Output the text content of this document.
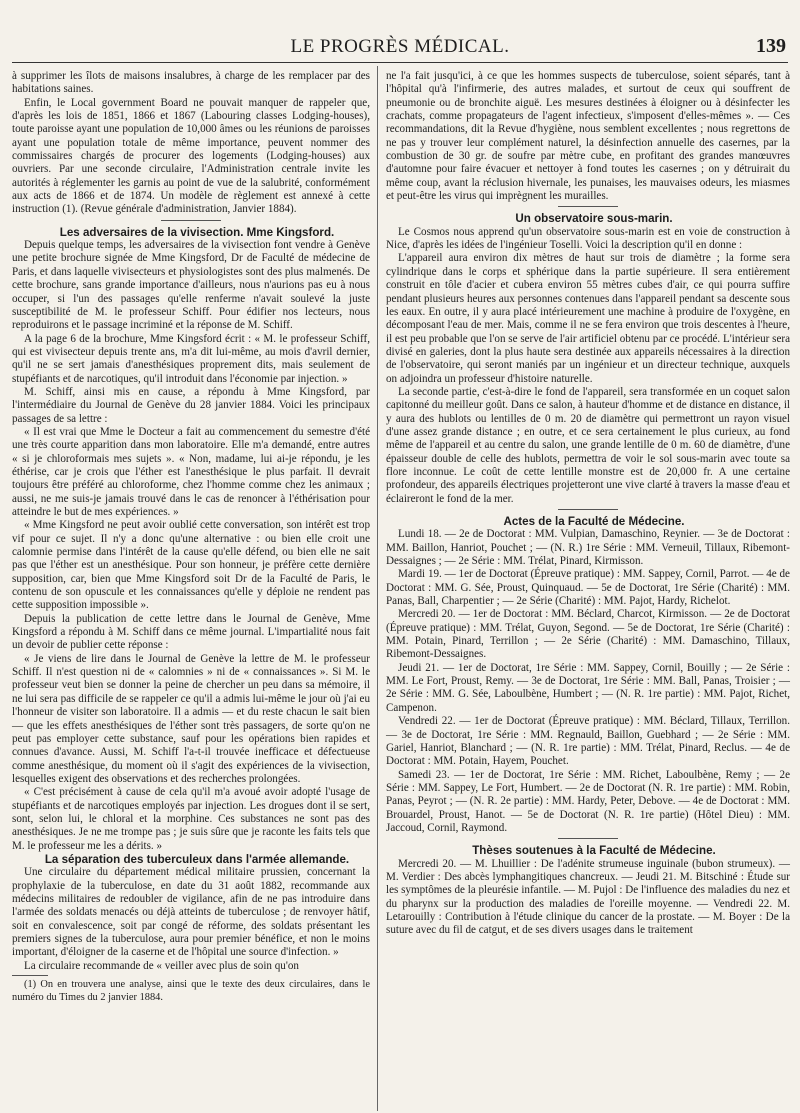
LE PROGRÈS MÉDICAL.	139

à supprimer les îlots de maisons insalubres, à charge de les remplacer par des habitations saines.

Enfin, le Local government Board ne pouvait manquer de rappeler que, d'après les lois de 1851, 1866 et 1867 (Labouring classes Lodging-houses), toute paroisse ayant une population de 10,000 âmes ou les réunions de paroisses ayant une population totale de même importance, peuvent nommer des commissaires chargés de procurer des logements (Lodging-houses) aux ouvriers. Par une seconde circulaire, l'Administration centrale invite les autorités à réglementer les garnis au point de vue de la salubrité, conformément aux acts de 1866 et de 1874. Un modèle de règlement est annexé à cette instruction (1). (Revue générale d'administration, Janvier 1884).

Les adversaires de la vivisection. Mme Kingsford.

Depuis quelque temps, les adversaires de la vivisection font vendre à Genève une petite brochure signée de Mme Kingsford, Dr de Faculté de médecine de Paris, et dans laquelle vivisecteurs et physiologistes sont des plus malmenés. De cette brochure, sans grande importance d'ailleurs, nous n'aurions pas eu à nous occuper, si l'un des passages qu'elle renferme n'avait soulevé la juste susceptibilité de M. le professeur Schiff. Pour édifier nos lecteurs, nous reproduirons et le passage incriminé et la réponse de M. Schiff.

A la page 6 de la brochure, Mme Kingsford écrit : « M. le professeur Schiff, qui est vivisecteur depuis trente ans, m'a dit lui-même, au mois d'avril dernier, qu'il ne se sert jamais d'anesthésiques proprement dits, mais seulement de stupéfiants et de narcotiques, qu'il introduit dans l'économie par injection. »

M. Schiff, ainsi mis en cause, a répondu à Mme Kingsford, par l'intermédiaire du Journal de Genève du 28 janvier 1884. Voici les principaux passages de sa lettre :

« Il est vrai que Mme le Docteur a fait au commencement du semestre d'été une très courte apparition dans mon laboratoire. Elle m'a demandé, entre autres « si je chloroformais mes sujets ». « Non, madame, lui ai-je répondu, je les éthérise, car je crois que l'éther est l'anesthésique le plus parfait. Il devrait toujours être préféré au chloroforme, chez l'homme comme chez les animaux ; aussi, ne me suis-je jamais trouvé dans le cas de renoncer à l'éthérisation pour atteindre le but de mes expériences. »

« Mme Kingsford ne peut avoir oublié cette conversation, son intérêt est trop vif pour ce sujet. Il n'y a donc qu'une alternative : ou bien elle croit une calomnie permise dans l'intérêt de la cause qu'elle défend, ou bien elle ne sait pas que l'éther est un anesthésique. Pour son honneur, je préfère cette dernière supposition, car, bien que Mme Kingsford soit Dr de la Faculté de Paris, le contenu de son opuscule et les connaissances qu'elle y déploie ne rendent pas cette supposition impossible ».

Depuis la publication de cette lettre dans le Journal de Genève, Mme Kingsford a répondu à M. Schiff dans ce même journal. L'impartialité nous fait un devoir de publier cette réponse :

« Je viens de lire dans le Journal de Genève la lettre de M. le professeur Schiff. Il n'est question ni de « calomnies » ni de « connaissances ». Si M. le professeur veut bien se donner la peine de chercher un peu dans sa mémoire, il ne lui sera pas difficile de se rappeler ce qu'il a admis lui-même le jour où j'ai eu l'honneur de visiter son laboratoire. Il a admis — et du reste chacun le sait bien — que les effets anesthésiques de l'éther sont très passagers, de sorte qu'on ne peut pas employer cette substance, sauf pour les opérations bien rapides et connues d'avance. Aussi, M. Schiff l'a-t-il trouvée inefficace et défectueuse comme anesthésique, du moment où il s'agit des expériences de la vivisection, lesquelles exigent des observations et des recherches prolongées.

« C'est précisément à cause de cela qu'il m'a avoué avoir adopté l'usage de stupéfiants et de narcotiques employés par injection. Les drogues dont il se sert, sont, selon lui, le chloral et la morphine. Ces substances ne sont pas des anesthésiques. Je ne me trompe pas ; je suis sûre que je raconte les faits tels que M. le professeur me les a dérits. »

La séparation des tuberculeux dans l'armée allemande.

Une circulaire du département médical militaire prussien, concernant la prophylaxie de la tuberculose, en date du 31 août 1882, recommande aux médecins militaires de redoubler de vigilance, afin de ne pas introduire dans l'armée des soldats menacés ou déjà atteints de tuberculose ; de renvoyer hâtif, soit en convalescence, soit par congé de réforme, des soldats présentant les premiers signes de la tuberculose, aura pour premier bénéfice, et non le moins important, d'éloigner de la caserne et de l'hôpital une source d'infection. »

La circulaire recommande de « veiller avec plus de soin qu'on

(1) On en trouvera une analyse, ainsi que le texte des deux circulaires, dans le numéro du Times du 2 janvier 1884.

ne l'a fait jusqu'ici, à ce que les hommes suspects de tuberculose, soient séparés, tant à l'hôpital qu'à l'infirmerie, des autres malades, et surtout de ceux qui souffrent de pneumonie ou de bronchite aiguë. Les mesures destinées à éloigner ou à désinfecter les crachats, comme propagateurs de l'agent infectieux, s'imposent d'elles-mêmes ». — Ces recommandations, dit la Revue d'hygiène, nous semblent excellentes ; nous regrettons de ne pas y trouver leur complément naturel, la désinfection annuelle des casernes, par la combustion de 30 gr. de soufre par mètre cube, en profitant des grandes manœuvres d'automne pour faire évacuer et nettoyer à fond toutes les casernes ; on y détruirait du même coup, avant la réclusion hivernale, les punaises, les mauvaises odeurs, les miasmes et peut-être les virus qui imprègnent les murailles.

Un observatoire sous-marin.

Le Cosmos nous apprend qu'un observatoire sous-marin est en voie de construction à Nice, d'après les idées de l'ingénieur Toselli. Voici la description qu'il en donne :

L'appareil aura environ dix mètres de haut sur trois de diamètre ; la forme sera cylindrique dans le corps et sphérique dans la partie supérieure. Il sera entièrement construit en tôle d'acier et cubera environ 55 mètres cubes d'air, ce qui pourra suffire pendant plusieurs heures aux personnes contenues dans l'appareil pendant sa descente sous les eaux. En outre, il y aura placé intérieurement une machine à produire de l'oxygène, en décomposant l'eau de mer. Mais, comme il ne se fera environ que trois descentes à l'heure, il est peu probable que l'on se serve de l'air artificiel obtenu par ce procédé. L'intérieur sera divisé en galeries, dont la plus haute sera destinée aux appareils nécessaires à la direction de l'observatoire, qui seront maniés par un ingénieur et un directeur technique, auxquels on adjoindra un professeur d'histoire naturelle.

La seconde partie, c'est-à-dire le fond de l'appareil, sera transformée en un coquet salon capitonné du meilleur goût. Dans ce salon, à hauteur d'homme et de distance en distance, il y aura des hublots ou lentilles de 0 m. 20 de diamètre qui permettront un rayon visuel d'une assez grande distance ; en outre, et ce sera certainement le plus curieux, au fond même de l'appareil et au centre du salon, une grande lentille de 0 m. 60 de diamètre, d'une épaisseur double de celle des hublots, permettra de voir le sol sous-marin avec toute sa flore inconnue. Le coût de cette lentille monstre est de 20,000 fr. A une certaine profondeur, des appareils électriques projetteront une vive clarté à travers la masse d'eau et éclaireront le fond de la mer.

Actes de la Faculté de Médecine.

Lundi 18. — 2e de Doctorat : MM. Vulpian, Damaschino, Reynier. — 3e de Doctorat : MM. Baillon, Hanriot, Pouchet ; — (N. R.) 1re Série : MM. Verneuil, Tillaux, Ribemont-Dessaignes ; — 2e Série : MM. Trélat, Pinard, Kirmisson.

Mardi 19. — 1er de Doctorat (Épreuve pratique) : MM. Sappey, Cornil, Parrot. — 4e de Doctorat : MM. G. Sée, Proust, Quinquaud. — 5e de Doctorat, 1re Série (Charité) : MM. Panas, Ball, Charpentier ; — 2e Série (Charité) : MM. Pajot, Hardy, Richelot.

Mercredi 20. — 1er de Doctorat : MM. Béclard, Charcot, Kirmisson. — 2e de Doctorat (Épreuve pratique) : MM. Trélat, Guyon, Segond. — 5e de Doctorat, 1re Série (Charité) : MM. Potain, Pinard, Terrillon ; — 2e Série (Charité) : MM. Damaschino, Tillaux, Ribemont-Dessaignes.

Jeudi 21. — 1er de Doctorat, 1re Série : MM. Sappey, Cornil, Bouilly ; — 2e Série : MM. Le Fort, Proust, Remy. — 3e de Doctorat, 1re Série : MM. Ball, Panas, Troisier ; — 2e Série : MM. G. Sée, Laboulbène, Humbert ; — (N. R. 1re partie) : MM. Pajot, Richet, Campenon.

Vendredi 22. — 1er de Doctorat (Épreuve pratique) : MM. Béclard, Tillaux, Terrillon. — 3e de Doctorat, 1re Série : MM. Regnauld, Baillon, Guebhard ; — 2e Série : MM. Gariel, Hanriot, Blanchard ; — (N. R. 1re partie) : MM. Trélat, Pinard, Reclus. — 4e de Doctorat : MM. Potain, Hayem, Pouchet.

Samedi 23. — 1er de Doctorat, 1re Série : MM. Richet, Laboulbène, Remy ; — 2e Série : MM. Sappey, Le Fort, Humbert. — 2e de Doctorat (N. R. 1re partie) : MM. Robin, Panas, Peyrot ; — (N. R. 2e partie) : MM. Hardy, Peter, Debove. — 4e de Doctorat : MM. Brouardel, Proust, Hanot. — 5e de Doctorat (N. R. 1re partie) (Hôtel Dieu) : MM. Jaccoud, Cornil, Raymond.

Thèses soutenues à la Faculté de Médecine.

Mercredi 20. — M. Lhuillier : De l'adénite strumeuse inguinale (bubon strumeux). — M. Verdier : Des abcès lymphangitiques chancreux. — Jeudi 21. M. Bitschiné : Étude sur les symptômes de la pleurésie infantile. — M. Pujol : De l'influence des maladies du nez et du pharynx sur la production des maladies de l'oreille moyenne. — Vendredi 22. M. Letarouilly : Contribution à l'étude clinique du cancer de la prostate. — M. Boyer : De la suture avec du fil de catgut, et de ses divers usages dans le traitement
